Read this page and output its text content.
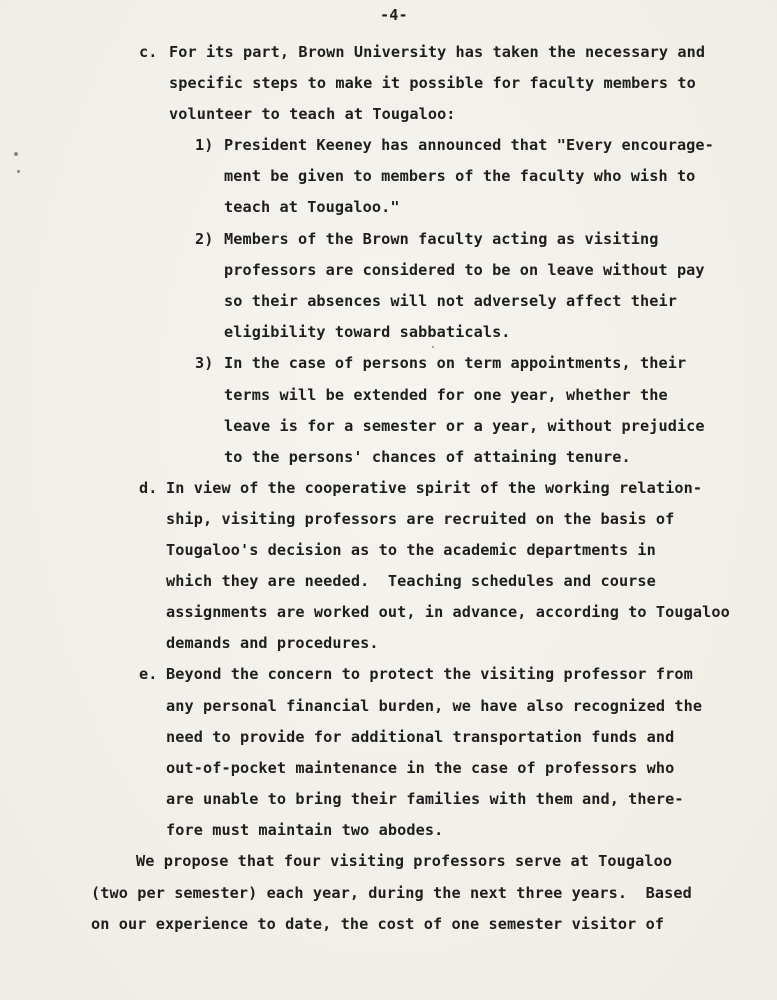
-4-
c. For its part, Brown University has taken the necessary and
specific steps to make it possible for faculty members to
volunteer to teach at Tougaloo:
1) President Keeney has announced that "Every encourage-
ment be given to members of the faculty who wish to
teach at Tougaloo."
2) Members of the Brown faculty acting as visiting
professors are considered to be on leave without pay
so their absences will not adversely affect their
eligibility toward sabbaticals.
3) In the case of persons on term appointments, their
terms will be extended for one year, whether the
leave is for a semester or a year, without prejudice
to the persons' chances of attaining tenure.
d. In view of the cooperative spirit of the working relation-
ship, visiting professors are recruited on the basis of
Tougaloo's decision as to the academic departments in
which they are needed.  Teaching schedules and course
assignments are worked out, in advance, according to Tougaloo
demands and procedures.
e. Beyond the concern to protect the visiting professor from
any personal financial burden, we have also recognized the
need to provide for additional transportation funds and
out-of-pocket maintenance in the case of professors who
are unable to bring their families with them and, there-
fore must maintain two abodes.
We propose that four visiting professors serve at Tougaloo
(two per semester) each year, during the next three years.  Based
on our experience to date, the cost of one semester visitor of
